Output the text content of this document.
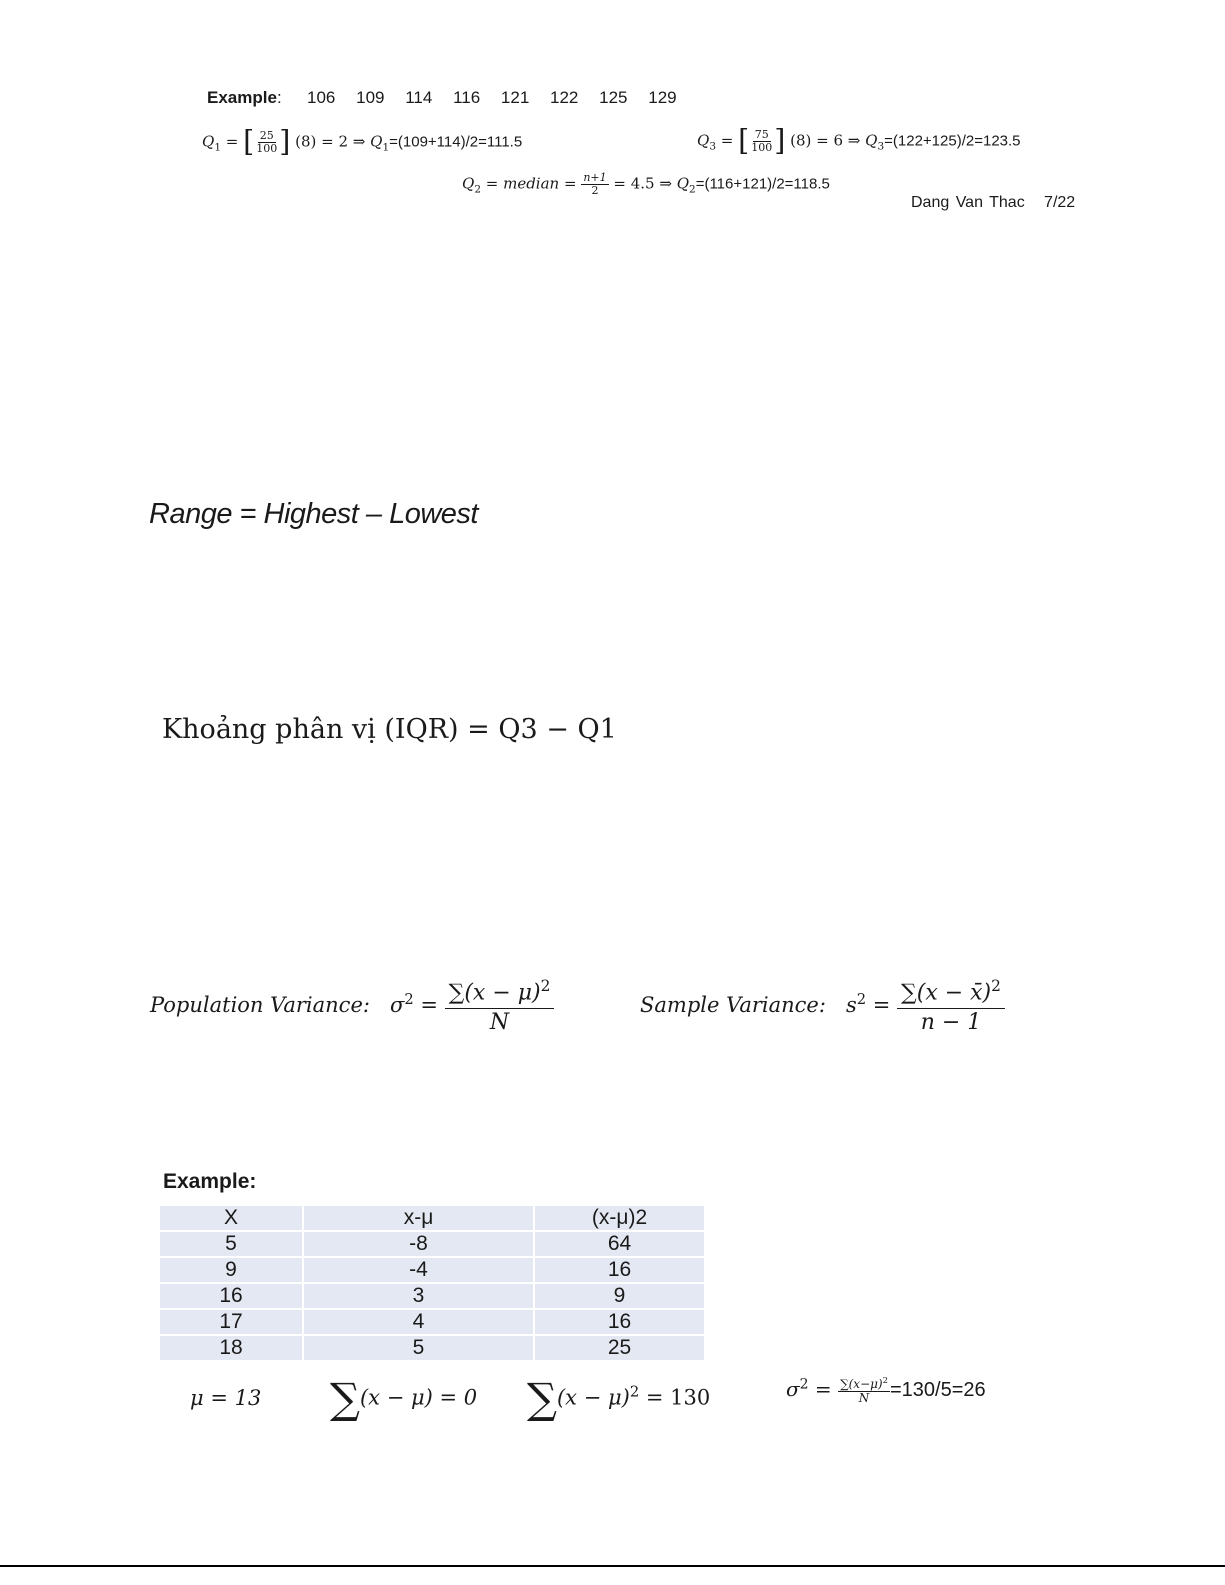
Example: 106 109 114 116 121 122 125 129
$Q_1$ = [ $\frac{25}{100}$ ] (8) = 2 ⇒ $Q_1=(109+114)/2=111.5$	$Q_3$ = [ $\frac{75}{100}$ ] (8) = 6 ⇒ $Q_3=(122+125)/2=123.5$
$Q_2$ = median = $\frac{n+1}{2} = 4.5$ ⇒ $Q_2=(116+121)/2=118.5$
Dang Van Thac 7/22
Range = Highest – Lowest
Khoảng phân vị (IQR) = Q3 − Q1
Population Variance: $\sigma^2 = \frac{\sum(x - \mu)^2}{N}$	Sample Variance: $s^2 = \frac{\sum(x - x̄)^2}{n - 1}$
Example:
X	x-μ	(x-μ)2
5	-8	64
9	-4	16
16	3	9
17	4	16
18	5	25
μ = 13 ∑(x − μ) = 0 $\sum(x - \mu)^2 = 130$	$\sigma^2 = \frac{\sum(x-\mu)^2}{N} =130/5=26$
